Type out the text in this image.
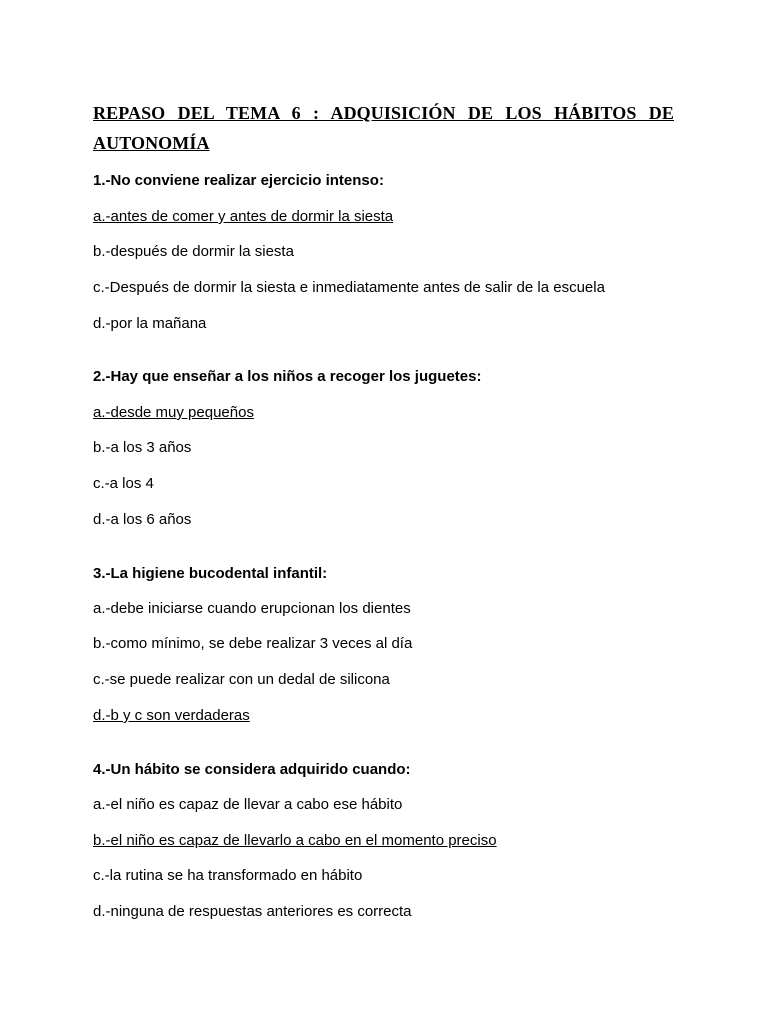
REPASO DEL TEMA 6 : ADQUISICIÓN DE LOS HÁBITOS DE AUTONOMÍA
1.-No conviene realizar ejercicio intenso:
a.-antes de comer y antes de dormir la siesta
b.-después de dormir la siesta
c.-Después de dormir la siesta e inmediatamente antes de salir de la escuela
d.-por la mañana
2.-Hay que enseñar a los niños a recoger los juguetes:
a.-desde muy pequeños
b.-a los 3 años
c.-a los 4
d.-a los 6 años
3.-La higiene bucodental infantil:
a.-debe iniciarse cuando erupcionan los dientes
b.-como mínimo, se debe realizar 3 veces al día
c.-se puede realizar con un dedal de silicona
d.-b y c son verdaderas
4.-Un hábito se considera adquirido cuando:
a.-el niño es capaz de llevar a cabo ese hábito
b.-el niño es capaz de llevarlo a cabo en el momento preciso
c.-la rutina se ha transformado en hábito
d.-ninguna de respuestas anteriores es correcta
